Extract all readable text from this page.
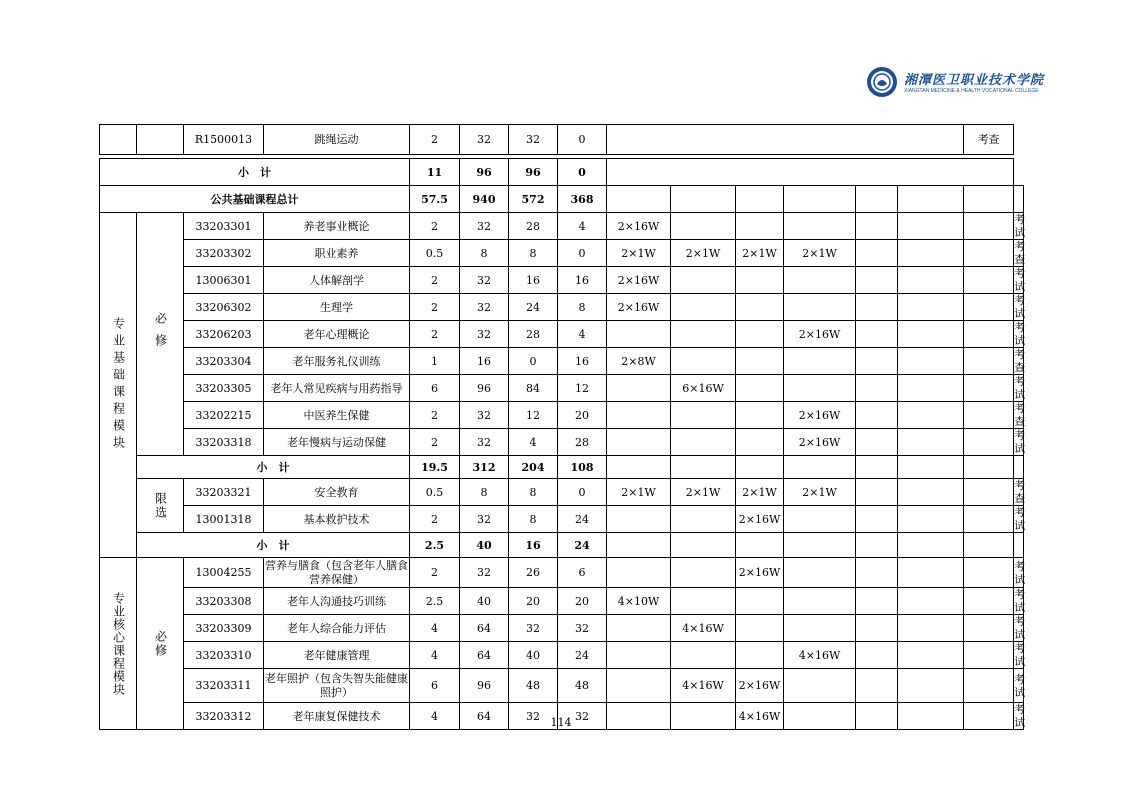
湘潭医卫职业技术学院
XIANGTAN MEDICINE & HEALTH VOCATIONAL COLLEGE
		R1500013	跳绳运动	2	32	32	0							考查	

小　计				11	96	96	0								
公共基础课程总计				57.5	940	572	368								
专业基础课程模块	必修	33203301	养老事业概论	2	32	28	4	2×16W							考试
		33203302	职业素养	0.5	8	8	0	2×1W	2×1W	2×1W	2×1W				考查
		13006301	人体解剖学	2	32	16	16	2×16W							考试
		33206302	生理学	2	32	24	8	2×16W							考试
		33206203	老年心理概论	2	32	28	4				2×16W				考试
		33203304	老年服务礼仪训练	1	16	0	16	2×8W							考查
		33203305	老年人常见疾病与用药指导	6	96	84	12		6×16W						考试
		33202215	中医养生保健	2	32	12	20				2×16W				考查
		33203318	老年慢病与运动保健	2	32	4	28				2×16W				考试
	小　计			19.5	312	204	108								
	限选	33203321	安全教育	0.5	8	8	0	2×1W	2×1W	2×1W	2×1W				考查
		13001318	基本救护技术	2	32	8	24			2×16W					考试
	小　计			2.5	40	16	24								
专业核心课程模块	必修	13004255	营养与膳食（包含老年人膳食营养保健）	2	32	26	6			2×16W					考试
		33203308	老年人沟通技巧训练	2.5	40	20	20	4×10W							考试
		33203309	老年人综合能力评估	4	64	32	32		4×16W						考试
		33203310	老年健康管理	4	64	40	24				4×16W				考试
		33203311	老年照护（包含失智失能健康照护）	6	96	48	48		4×16W	2×16W					考试
		33203312	老年康复保健技术	4	64	32	32			4×16W					考试
114
